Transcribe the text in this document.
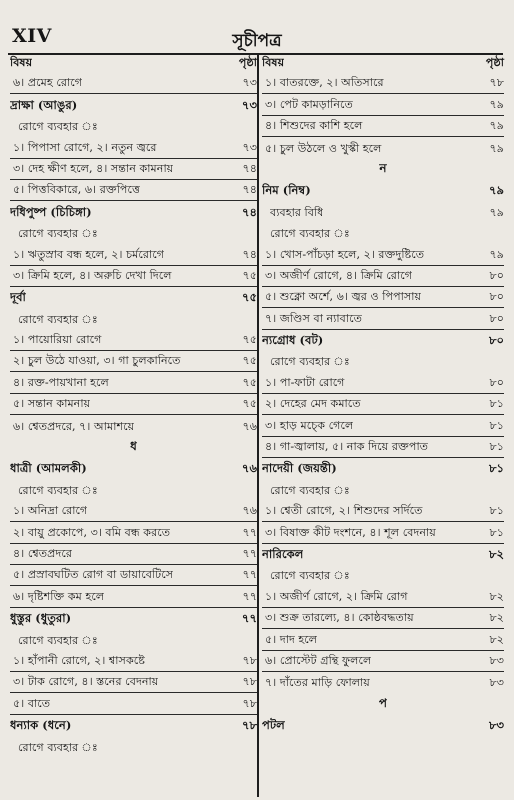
XIV	সূচীপত্র
বিষয়	পৃষ্ঠা
৬। প্রমেহ রোগে	৭৩
দ্রাক্ষা (আঙুর)	৭৩
রোগে ব্যবহার ঃ
১। পিপাসা রোগে, ২। নতুন জ্বরে	৭৩
৩। দেহ ক্ষীণ হলে, ৪। সন্তান কামনায়	৭৪
৫। পিত্তবিকারে, ৬। রক্তপিত্তে	৭৪
দধিপুষ্প (চিচিঙ্গা)	৭৪
রোগে ব্যবহার ঃ
১। ঋতুস্রাব বন্ধ হলে, ২। চর্মরোগে	৭৪
৩। ক্রিমি হলে, ৪। অরুচি দেখা দিলে	৭৫
দূর্বা	৭৫
রোগে ব্যবহার ঃ
১। পায়োরিয়া রোগে	৭৫
২। চুল উঠে যাওয়া, ৩। গা চুলকানিতে	৭৫
৪। রক্ত-পায়খানা হলে	৭৫
৫। সন্তান কামনায়	৭৫
৬। শ্বেতপ্রদরে, ৭। আমাশয়ে	৭৬
ধ
ধাত্রী (আমলকী)	৭৬
রোগে ব্যবহার ঃ
১। অনিদ্রা রোগে	৭৬
২। বায়ু প্রকোপে, ৩। বমি বন্ধ করতে	৭৭
৪। শ্বেতপ্রদরে	৭৭
৫। প্রস্রাবঘটিত রোগ বা ডায়াবেটিসে	৭৭
৬। দৃষ্টিশক্তি কম হলে	৭৭
ধুস্তুর (ধুতুরা)	৭৭
রোগে ব্যবহার ঃ
১। হাঁপানী রোগে, ২। শ্বাসকষ্টে	৭৮
৩। টাক রোগে, ৪। স্তনের বেদনায়	৭৮
৫। বাতে	৭৮
ধন্যাক (ধনে)	৭৮
রোগে ব্যবহার ঃ
বিষয়	পৃষ্ঠা
১। বাতরক্তে, ২। অতিসারে	৭৮
৩। পেট কামড়ানিতে	৭৯
৪। শিশুদের কাশি হলে	৭৯
৫। চুল উঠলে ও খুস্কী হলে	৭৯
ন
নিম (নিম্ব)	৭৯
ব্যবহার বিধি	৭৯
রোগে ব্যবহার ঃ
১। খোস-পাঁচড়া হলে, ২। রক্তদুষ্টিতে	৭৯
৩। অজীর্ণ রোগে, ৪। ক্রিমি রোগে	৮০
৫। শুক্নো অর্শে, ৬। জ্বর ও পিপাসায়	৮০
৭। জণ্ডিস বা ন্যাবাতে	৮০
ন্যগ্রোধ (বট)	৮০
রোগে ব্যবহার ঃ
১। পা-ফাটা রোগে	৮০
২। দেহের মেদ কমাতে	৮১
৩। হাড় মচ্কে গেলে	৮১
৪। গা-জ্বালায়, ৫। নাক দিয়ে রক্তপাত	৮১
নাদেয়ী (জয়ন্তী)	৮১
রোগে ব্যবহার ঃ
১। শ্বেতী রোগে, ২। শিশুদের সর্দিতে	৮১
৩। বিষাক্ত কীট দংশনে, ৪। শূল বেদনায়	৮১
নারিকেল	৮২
রোগে ব্যবহার ঃ
১। অজীর্ণ রোগে, ২। ক্রিমি রোগ	৮২
৩। শুক্র তারল্যে, ৪। কোষ্ঠবদ্ধতায়	৮২
৫। দাদ হলে	৮২
৬। প্রোস্টেট গ্রন্থি ফুললে	৮৩
৭। দাঁতের মাড়ি ফোলায়	৮৩
প
পটল	৮৩
